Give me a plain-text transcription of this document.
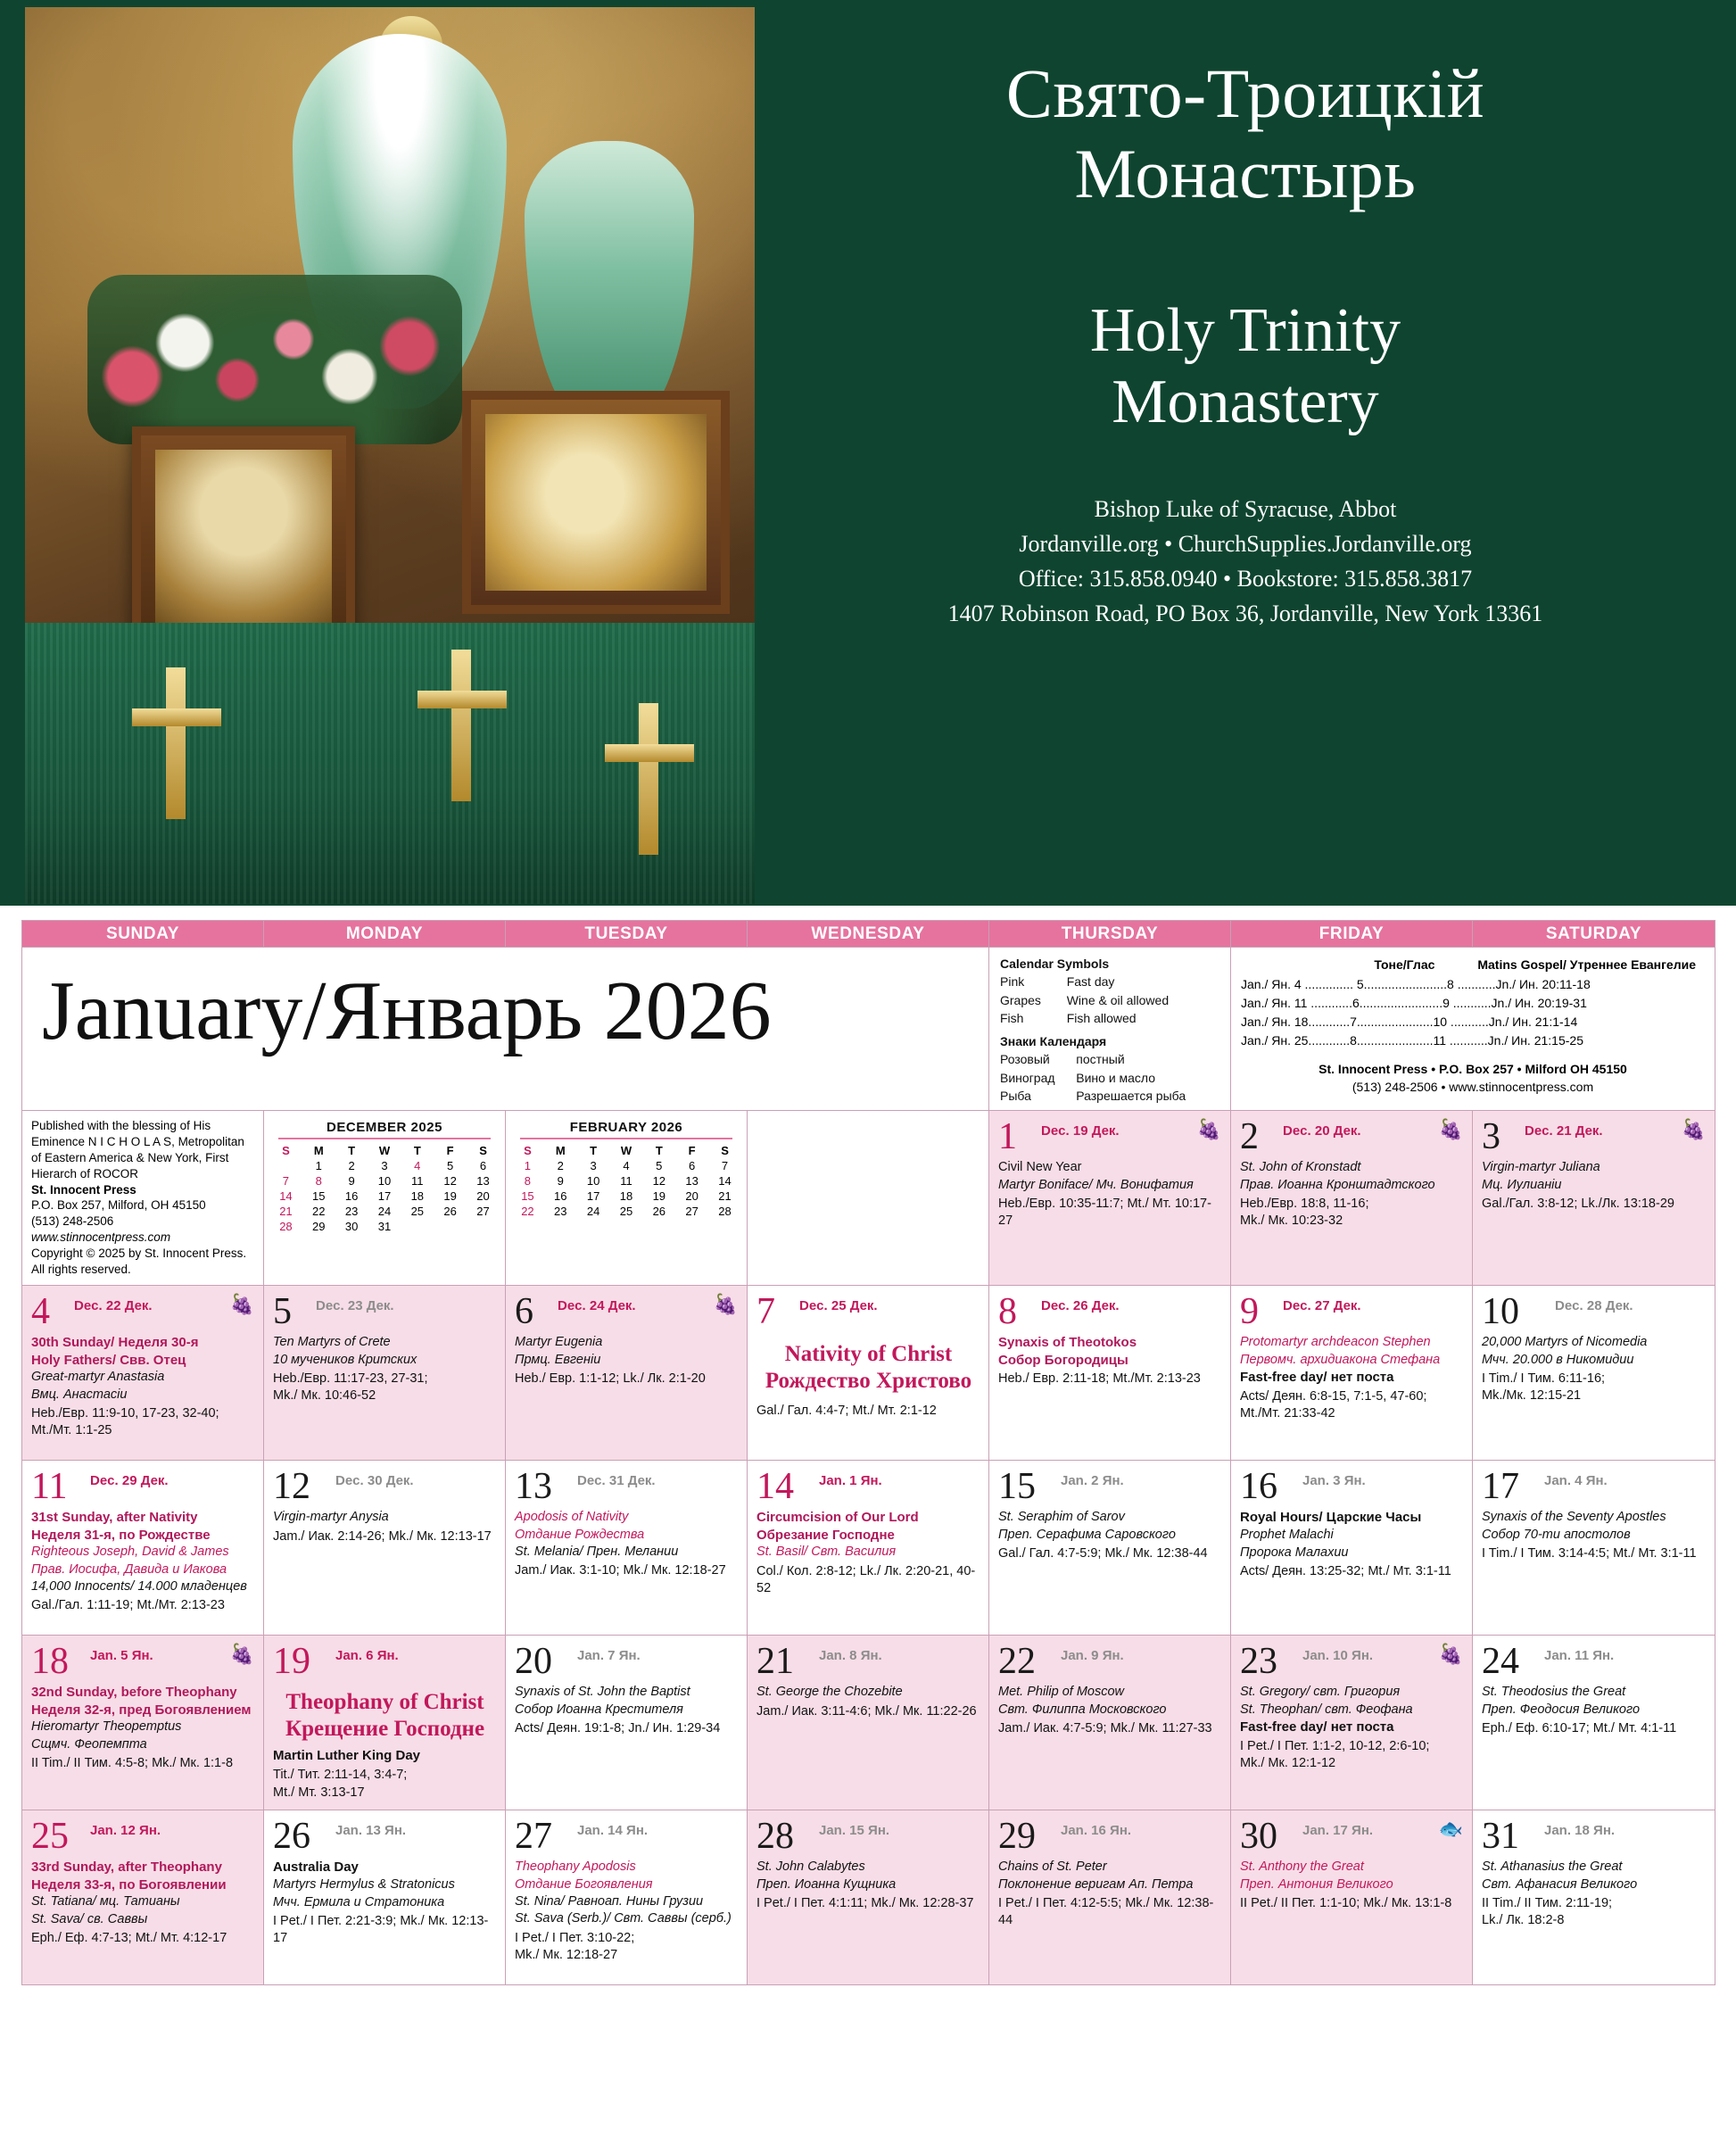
Свято-Троицкій
Монастырь
Holy Trinity
Monastery
Bishop Luke of Syracuse, Abbot
Jordanville.org • ChurchSupplies.Jordanville.org
Office: 315.858.0940 • Bookstore: 315.858.3817
1407 Robinson Road, PO Box 36, Jordanville, New York 13361
SUNDAY	MONDAY	TUESDAY	WEDNESDAY	THURSDAY	FRIDAY	SATURDAY

January/Январь 2026

Calendar Symbols
Pink	Fast day
Grapes	Wine & oil allowed
Fish	Fish allowed
Знаки Календаря
Розовый	постный
Виноград	Вино и масло
Рыба	Разрешается рыба

Тоне/Глас	Matins Gospel/ Утреннее Евангелие
Jan./ Ян. 4 .............. 5........................8 ...........Jn./ Ин. 20:11-18
Jan./ Ян. 11 ............6........................9 ...........Jn./ Ин. 20:19-31
Jan./ Ян. 18............7......................10 ...........Jn./ Ин. 21:1-14
Jan./ Ян. 25............8......................11 ...........Jn./ Ин. 21:15-25
St. Innocent Press • P.O. Box 257 • Milford OH 45150
(513) 248-2506 • www.stinnocentpress.com

Published with the blessing of His
Eminence N I C H O L A S, Metropolitan
of Eastern America & New York, First
Hierarch of ROCOR
St. Innocent Press
P.O. Box 257, Milford, OH 45150
(513) 248-2506
www.stinnocentpress.com
Copyright © 2025 by St. Innocent Press.
All rights reserved.

DECEMBER 2025
S	M	T	W	T	F	S
	1	2	3	4	5	6
7	8	9	10	11	12	13
14	15	16	17	18	19	20
21	22	23	24	25	26	27
28	29	30	31			

FEBRUARY 2026
S	M	T	W	T	F	S
1	2	3	4	5	6	7
8	9	10	11	12	13	14
15	16	17	18	19	20	21
22	23	24	25	26	27	28
		1 Dec. 19 Дек.	🍇
Civil New Year
Martyr Boniface/ Мч. Вонифатия
Heb./Евр. 10:35-11:7; Mt./ Мт. 10:17-27
	2 Dec. 20 Дек.	🍇
St. John of Kronstadt
Прав. Иоанна Кронштадтского
Heb./Евр. 18:8, 11-16;
Mk./ Мк. 10:23-32
	3 Dec. 21 Дек.	🍇
Virgin-martyr Juliana
Мц. Иулианiи
Gal./Гал. 3:8-12; Lk./Лк. 13:18-29

4 Dec. 22 Дек.	🍇
30th Sunday/ Неделя 30-я
Holy Fathers/ Свв. Отец
Great-martyr Anastasia
Вмц. Анастасiи
Heb./Евр. 11:9-10, 17-23, 32-40;
Mt./Мт. 1:1-25
	5 Dec. 23 Дек.
Ten Martyrs of Crete
10 мучеников Критских
Heb./Евр. 11:17-23, 27-31;
Mk./ Мк. 10:46-52
	6 Dec. 24 Дек.	🍇
Martyr Eugenia
Прмц. Евгенiи
Heb./ Евр. 1:1-12; Lk./ Лк. 2:1-20
	7 Dec. 25 Дек.
Nativity of Christ
Рождество Христово
Gal./ Гал. 4:4-7; Mt./ Мт. 2:1-12
	8 Dec. 26 Дек.
Synaxis of Theotokos
Собор Богородицы
Heb./ Евр. 2:11-18; Mt./Мт. 2:13-23
	9 Dec. 27 Дек.
Protomartyr archdeacon Stephen
Первомч. архидиакона Стефана
Fast-free day/ нет поста
Acts/ Деян. 6:8-15, 7:1-5, 47-60;
Mt./Мт. 21:33-42
	10	Dec. 28 Дек.
20,000 Martyrs of Nicomedia
Мчч. 20.000 в Никомидии
I Tim./ I Тим. 6:11-16;
Mk./Мк. 12:15-21

11 Dec. 29 Дек.
31st Sunday, after Nativity
Неделя 31-я, по Рождестве
Righteous Joseph, David & James
Прав. Иосифа, Давида и Иакова
14,000 Innocents/ 14.000 младенцев
Gal./Гал. 1:11-19; Mt./Мт. 2:13-23
	12 Dec. 30 Дек.
Virgin-martyr Anysia
Jam./ Иак. 2:14-26; Mk./ Мк. 12:13-17
	13 Dec. 31 Дек.
Apodosis of Nativity
Отдание Рождества
St. Melania/ Прен. Мелании
Jam./ Иак. 3:1-10; Mk./ Мк. 12:18-27
	14 Jan. 1 Ян.
Circumcision of Our Lord
Обрезание Господне
St. Basil/ Свт. Василия
Col./ Кол. 2:8-12; Lk./ Лк. 2:20-21, 40-52
	15 Jan. 2 Ян.
St. Seraphim of Sarov
Прen. Серафима Саровского
Gal./ Гал. 4:7-5:9; Mk./ Мк. 12:38-44
	16 Jan. 3 Ян.
Royal Hours/ Царские Часы
Prophet Malachi
Пророка Малахии
Acts/ Деян. 13:25-32; Mt./ Мт. 3:1-11
	17 Jan. 4 Ян.
Synaxis of the Seventy Apostles
Собор 70-ти апостолов
I Tim./ I Тим. 3:14-4:5; Mt./ Мт. 3:1-11

18 Jan. 5 Ян.	🍇
32nd Sunday, before Theophany
Неделя 32-я, пред Богоявлением
Hieromartyr Theopemptus
Сщмч. Феопемпта
II Tim./ II Тим. 4:5-8; Mk./ Мк. 1:1-8
	19 Jan. 6 Ян.
Theophany of Christ
Крещение Господне
Martin Luther King Day
Tit./ Тит. 2:11-14, 3:4-7;
Mt./ Мт. 3:13-17
	20 Jan. 7 Ян.
Synaxis of St. John the Baptist
Собор Иоанна Крестителя
Acts/ Деян. 19:1-8; Jn./ Ин. 1:29-34
	21 Jan. 8 Ян.
St. George the Chozebite
Jam./ Иак. 3:11-4:6; Mk./ Мк. 11:22-26
	22 Jan. 9 Ян.
Met. Philip of Moscow
Свт. Филиппа Московского
Jam./ Иак. 4:7-5:9; Mk./ Мк. 11:27-33
	23 Jan. 10 Ян.	🍇
St. Gregory/ свт. Григория
St. Theophan/ свт. Феофана
Fast-free day/ нет поста
I Pet./ I Пет. 1:1-2, 10-12, 2:6-10;
Mk./ Мк. 12:1-12
	24 Jan. 11 Ян.
St. Theodosius the Great
Прen. Феодосия Великого
Eph./ Еф. 6:10-17; Mt./ Мт. 4:1-11

25 Jan. 12 Ян.
33rd Sunday, after Theophany
Неделя 33-я, по Богоявлении
St. Tatiana/ мц. Татианы
St. Sava/ св. Саввы
Eph./ Еф. 4:7-13; Mt./ Мт. 4:12-17
	26 Jan. 13 Ян.
Australia Day
Martyrs Hermylus & Stratonicus
Мчч. Ермила и Стратоника
I Pet./ I Пет. 2:21-3:9; Mk./ Мк. 12:13-17
	27 Jan. 14 Ян.
Theophany Apodosis
Отдание Богоявления
St. Nina/ Равноап. Нины Грузии
St. Sava (Serb.)/ Свт. Саввы (серб.)
I Pet./ I Пет. 3:10-22;
Mk./ Мк. 12:18-27
	28 Jan. 15 Ян.
St. John Calabytes
Прen. Иоанна Кущника
I Pet./ I Пет. 4:1:11; Mk./ Мк. 12:28-37
	29 Jan. 16 Ян.
Chains of St. Peter
Поклонение веригам Ап. Петра
I Pet./ I Пет. 4:12-5:5; Mk./ Мк. 12:38-44
	30 Jan. 17 Ян.	🐟
St. Anthony the Great
Прen. Антония Великого
II Pet./ II Пет. 1:1-10; Mk./ Мк. 13:1-8
	31 Jan. 18 Ян.
St. Athanasius the Great
Свт. Афанасия Великого
II Tim./ II Тим. 2:11-19;
Lk./ Лк. 18:2-8
